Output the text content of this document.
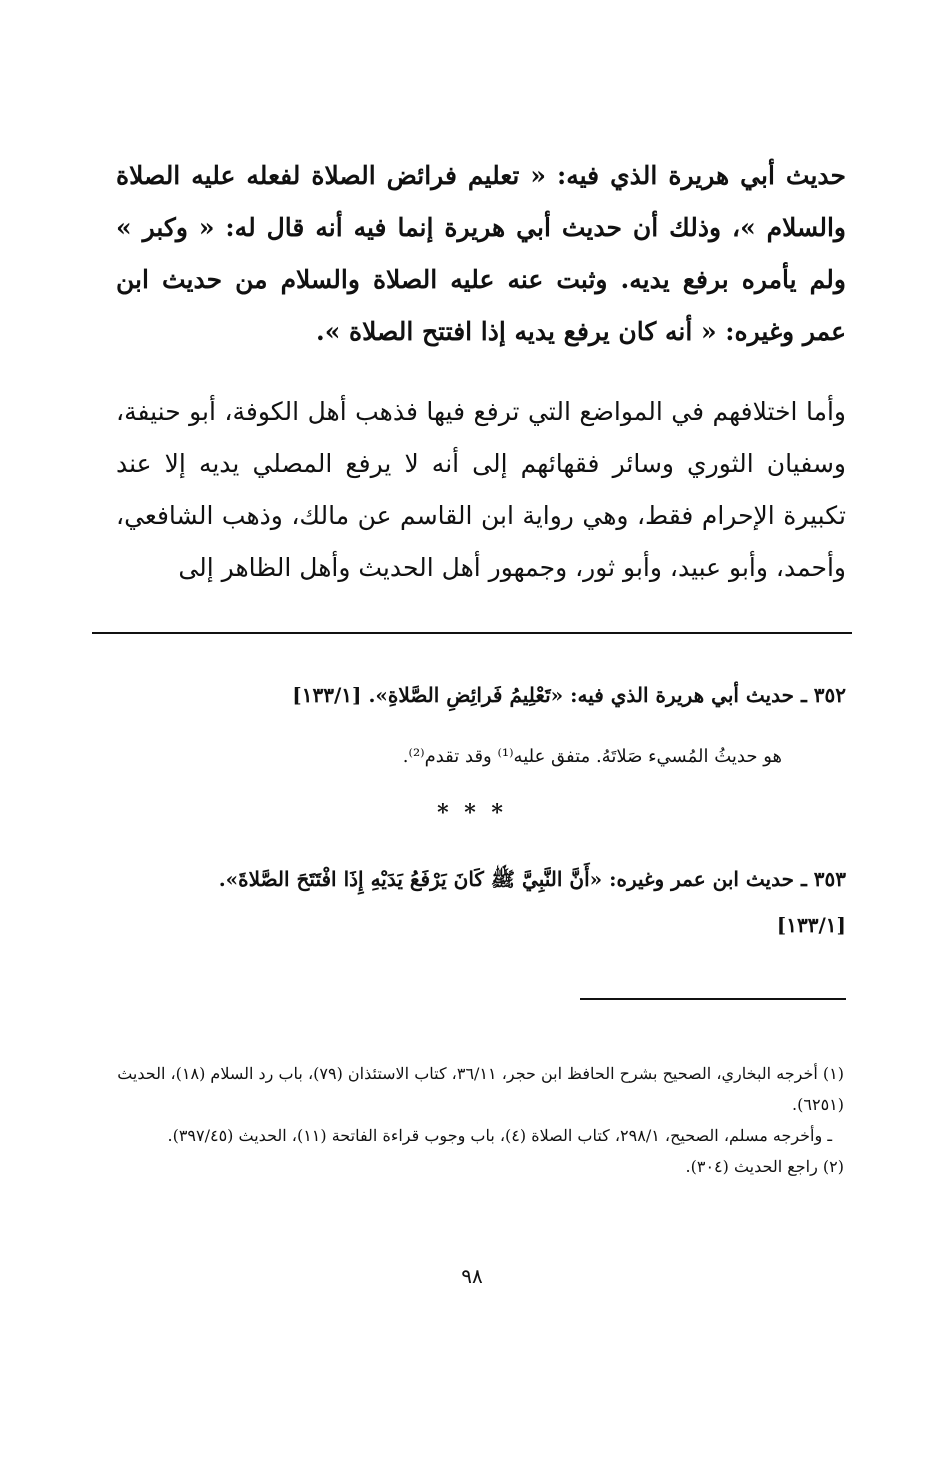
حديث أبي هريرة الذي فيه: « تعليم فرائض الصلاة لفعله عليه الصلاة والسلام »، وذلك أن حديث أبي هريرة إنما فيه أنه قال له: « وكبر » ولم يأمره برفع يديه. وثبت عنه عليه الصلاة والسلام من حديث ابن عمر وغيره: « أنه كان يرفع يديه إذا افتتح الصلاة ».

وأما اختلافهم في المواضع التي ترفع فيها فذهب أهل الكوفة، أبو حنيفة، وسفيان الثوري وسائر فقهائهم إلى أنه لا يرفع المصلي يديه إلا عند تكبيرة الإحرام فقط، وهي رواية ابن القاسم عن مالك، وذهب الشافعي، وأحمد، وأبو عبيد، وأبو ثور، وجمهور أهل الحديث وأهل الظاهر إلى

٣٥٢ ـ حديث أبي هريرة الذي فيه: «تَعْلِيمُ فَرائِضِ الصَّلاةِ». [١٣٣/١]

هو حديثُ المُسيء صَلاتَهُ. متفق عليه⁽¹⁾ وقد تقدم⁽²⁾.

* * *

٣٥٣ ـ حديث ابن عمر وغيره: «أَنَّ النَّبِيَّ ﷺ كَانَ يَرْفَعُ يَدَيْهِ إِذَا افْتَتَحَ الصَّلاةَ». [١٣٣/١]

(١) أخرجه البخاري، الصحيح بشرح الحافظ ابن حجر، ٣٦/١١، كتاب الاستئذان (٧٩)، باب رد السلام (١٨)، الحديث (٦٢٥١).
ـ وأخرجه مسلم، الصحيح، ٢٩٨/١، كتاب الصلاة (٤)، باب وجوب قراءة الفاتحة (١١)، الحديث (٣٩٧/٤٥).
(٢) راجع الحديث (٣٠٤).
٩٨
